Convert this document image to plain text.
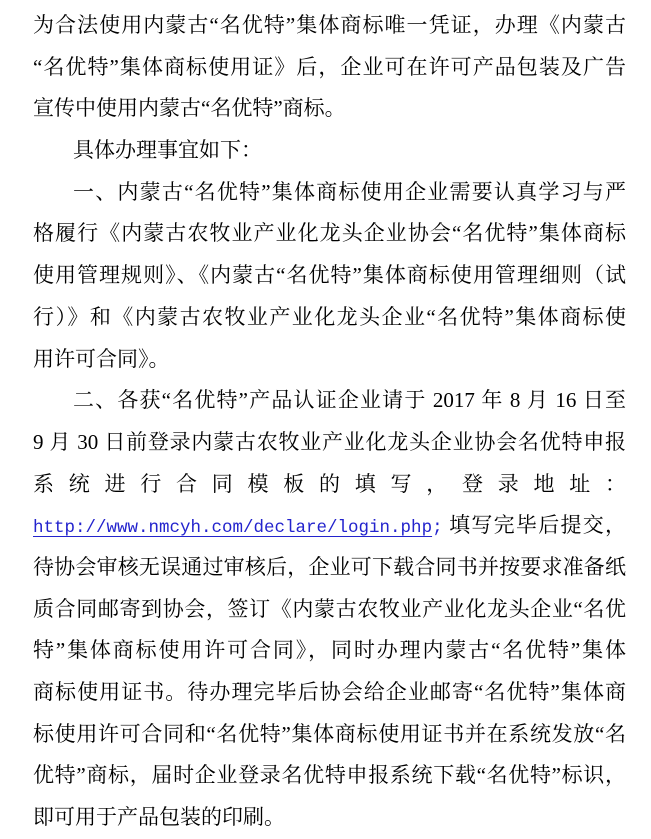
为合法使用内蒙古“名优特”集体商标唯一凭证，办理《内蒙古
“名优特”集体商标使用证》后，企业可在许可产品包装及广告
宣传中使用内蒙古“名优特”商标。
具体办理事宜如下：
一、内蒙古“名优特”集体商标使用企业需要认真学习与严
格履行《内蒙古农牧业产业化龙头企业协会“名优特”集体商标
使用管理规则》、《内蒙古“名优特”集体商标使用管理细则（试
行）》和《内蒙古农牧业产业化龙头企业“名优特”集体商标使
用许可合同》。
二、各获“名优特”产品认证企业请于 2017 年 8 月 16 日至
9 月 30 日前登录内蒙古农牧业产业化龙头企业协会名优特申报
系统进行合同模板的填写，登录地址：
http://www.nmcyh.com/declare/login.php; 填写完毕后提交，
待协会审核无误通过审核后，企业可下载合同书并按要求准备纸
质合同邮寄到协会，签订《内蒙古农牧业产业化龙头企业“名优
特”集体商标使用许可合同》，同时办理内蒙古“名优特”集体
商标使用证书。待办理完毕后协会给企业邮寄“名优特”集体商
标使用许可合同和“名优特”集体商标使用证书并在系统发放“名
优特”商标，届时企业登录名优特申报系统下载“名优特”标识，
即可用于产品包装的印刷。
